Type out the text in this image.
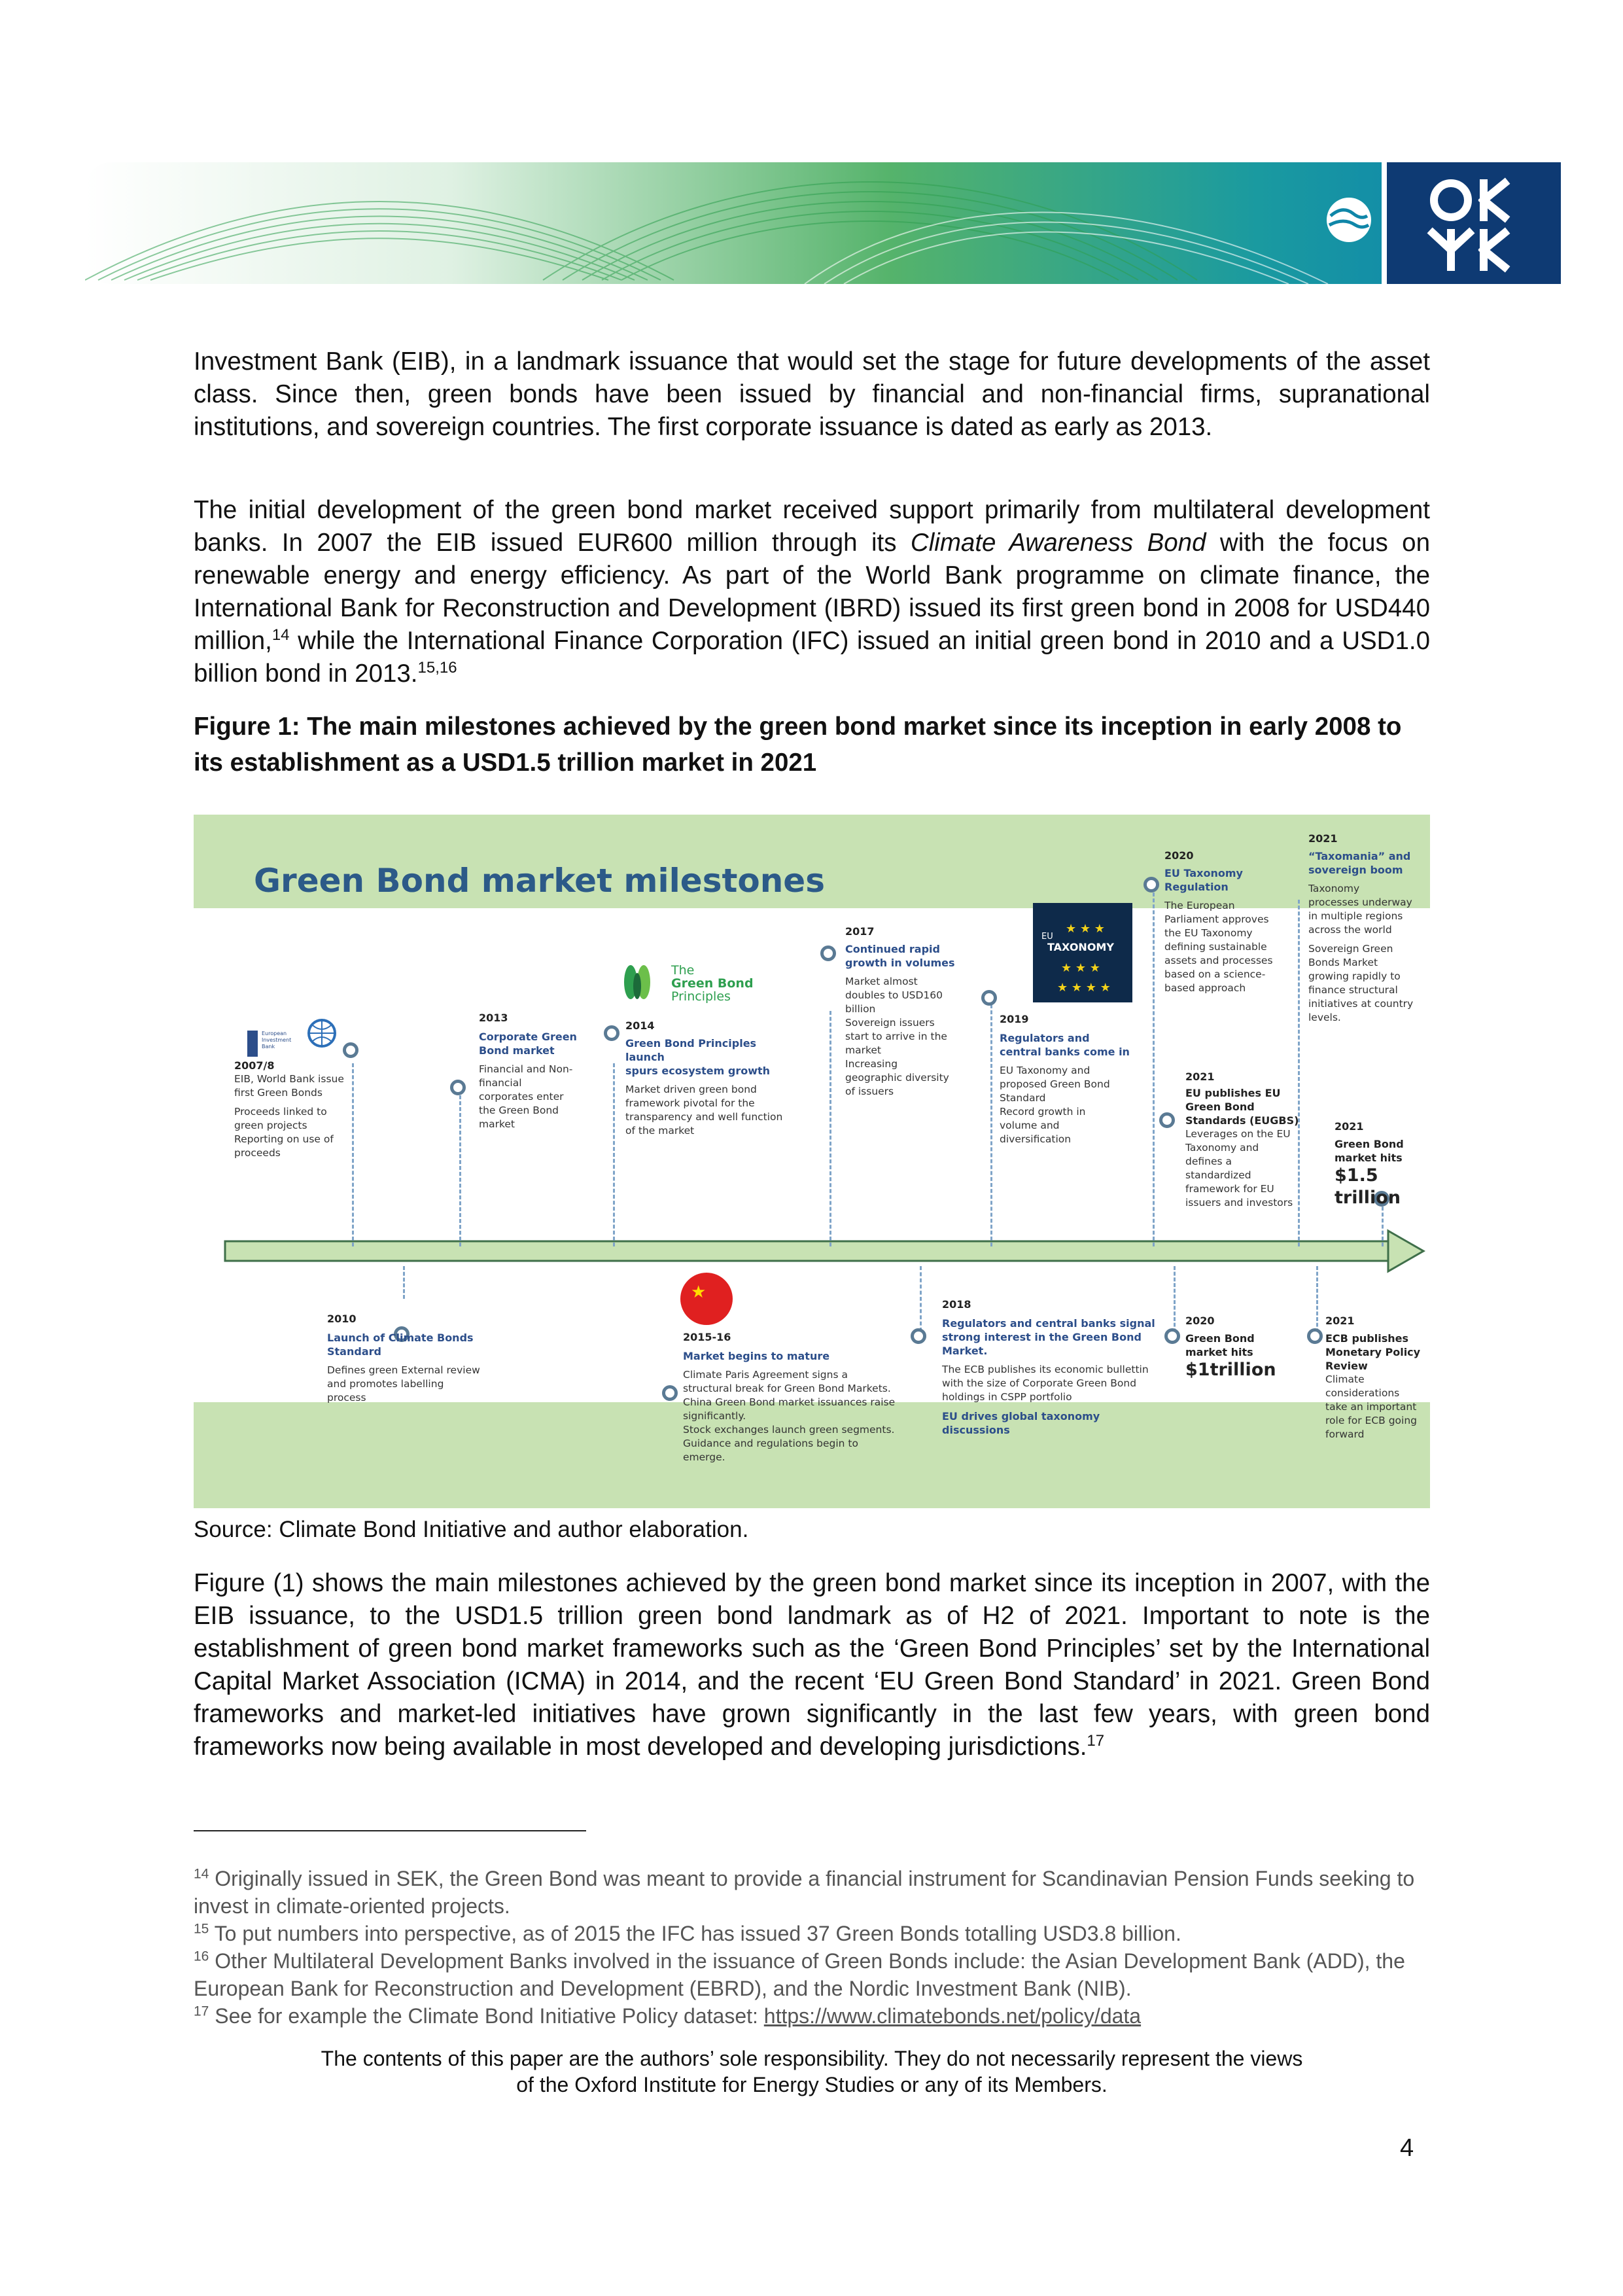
Investment Bank (EIB), in a landmark issuance that would set the stage for future developments of the asset class. Since then, green bonds have been issued by financial and non-financial firms, supranational institutions, and sovereign countries. The first corporate issuance is dated as early as 2013.

The initial development of the green bond market received support primarily from multilateral development banks. In 2007 the EIB issued EUR600 million through its Climate Awareness Bond with the focus on renewable energy and energy efficiency. As part of the World Bank programme on climate finance, the International Bank for Reconstruction and Development (IBRD) issued its first green bond in 2008 for USD440 million,$^{14}$ while the International Finance Corporation (IFC) issued an initial green bond in 2010 and a USD1.0 billion bond in 2013.$^{15,16}$

Figure 1: The main milestones achieved by the green bond market since its inception in early 2008 to its establishment as a USD1.5 trillion market in 2021

Green Bond market milestones
★
★ ★ ★
★ ★ ★
★ ★ ★ ★
TAXONOMY
The
Green Bond
Principles
European
Investment
Bank
EU
2007/8

EIB, World Bank issue
first Green Bonds

Proceeds linked to
green projects
Reporting on use of
proceeds

2013

Corporate Green
Bond market

Financial and Non-
financial
corporates enter
the Green Bond
market

2014

Green Bond Principles launch
spurs ecosystem growth

Market driven green bond
framework pivotal for the
transparency and well function
of the market

2017

Continued rapid
growth in volumes

Market almost
doubles to USD160
billion
Sovereign issuers
start to arrive in the
market
Increasing
geographic diversity
of issuers

2019

Regulators and
central banks come in

EU Taxonomy and
proposed Green Bond
Standard
Record growth in
volume and
diversification

2020

EU Taxonomy
Regulation

The European
Parliament approves
the EU Taxonomy
defining sustainable
assets and processes
based on a science-
based approach

2021
EU publishes EU
Green Bond
Standards (EUGBS)
Leverages on the EU
Taxonomy and
defines a
standardized
framework for EU
issuers and investors
2021

“Taxomania” and
sovereign boom

Taxonomy
processes underway
in multiple regions
across the world

Sovereign Green
Bonds Market
growing rapidly to
finance structural
initiatives at country
levels.

2021
Green Bond
market hits
$1.5 trillion
2010

Launch of Climate Bonds
Standard

Defines green External review
and promotes labelling
process

2015-16

Market begins to mature

Climate Paris Agreement signs a
structural break for Green Bond Markets.
China Green Bond market issuances raise
significantly.
Stock exchanges launch green segments.
Guidance and regulations begin to
emerge.

2018

Regulators and central banks signal
strong interest in the Green Bond
Market.

The ECB publishes its economic bullettin
with the size of Corporate Green Bond
holdings in CSPP portfolio

EU drives global taxonomy discussions

2020
Green Bond
market hits
$1trillion
2021
ECB publishes
Monetary Policy
Review
Climate
considerations
take an important
role for ECB going
forward
Source: Climate Bond Initiative and author elaboration.

Figure (1) shows the main milestones achieved by the green bond market since its inception in 2007, with the EIB issuance, to the USD1.5 trillion green bond landmark as of H2 of 2021. Important to note is the establishment of green bond market frameworks such as the ‘Green Bond Principles’ set by the International Capital Market Association (ICMA) in 2014, and the recent ‘EU Green Bond Standard’ in 2021. Green Bond frameworks and market-led initiatives have grown significantly in the last few years, with green bond frameworks now being available in most developed and developing jurisdictions.$^{17}$

$^{14}$ Originally issued in SEK, the Green Bond was meant to provide a financial instrument for Scandinavian Pension Funds seeking to invest in climate-oriented projects.

$^{15}$ To put numbers into perspective, as of 2015 the IFC has issued 37 Green Bonds totalling USD3.8 billion.

$^{16}$ Other Multilateral Development Banks involved in the issuance of Green Bonds include: the Asian Development Bank (ADD), the European Bank for Reconstruction and Development (EBRD), and the Nordic Investment Bank (NIB).

$^{17}$ See for example the Climate Bond Initiative Policy dataset: https://www.climatebonds.net/policy/data

The contents of this paper are the authors’ sole responsibility. They do not necessarily represent the views
of the Oxford Institute for Energy Studies or any of its Members.
4
